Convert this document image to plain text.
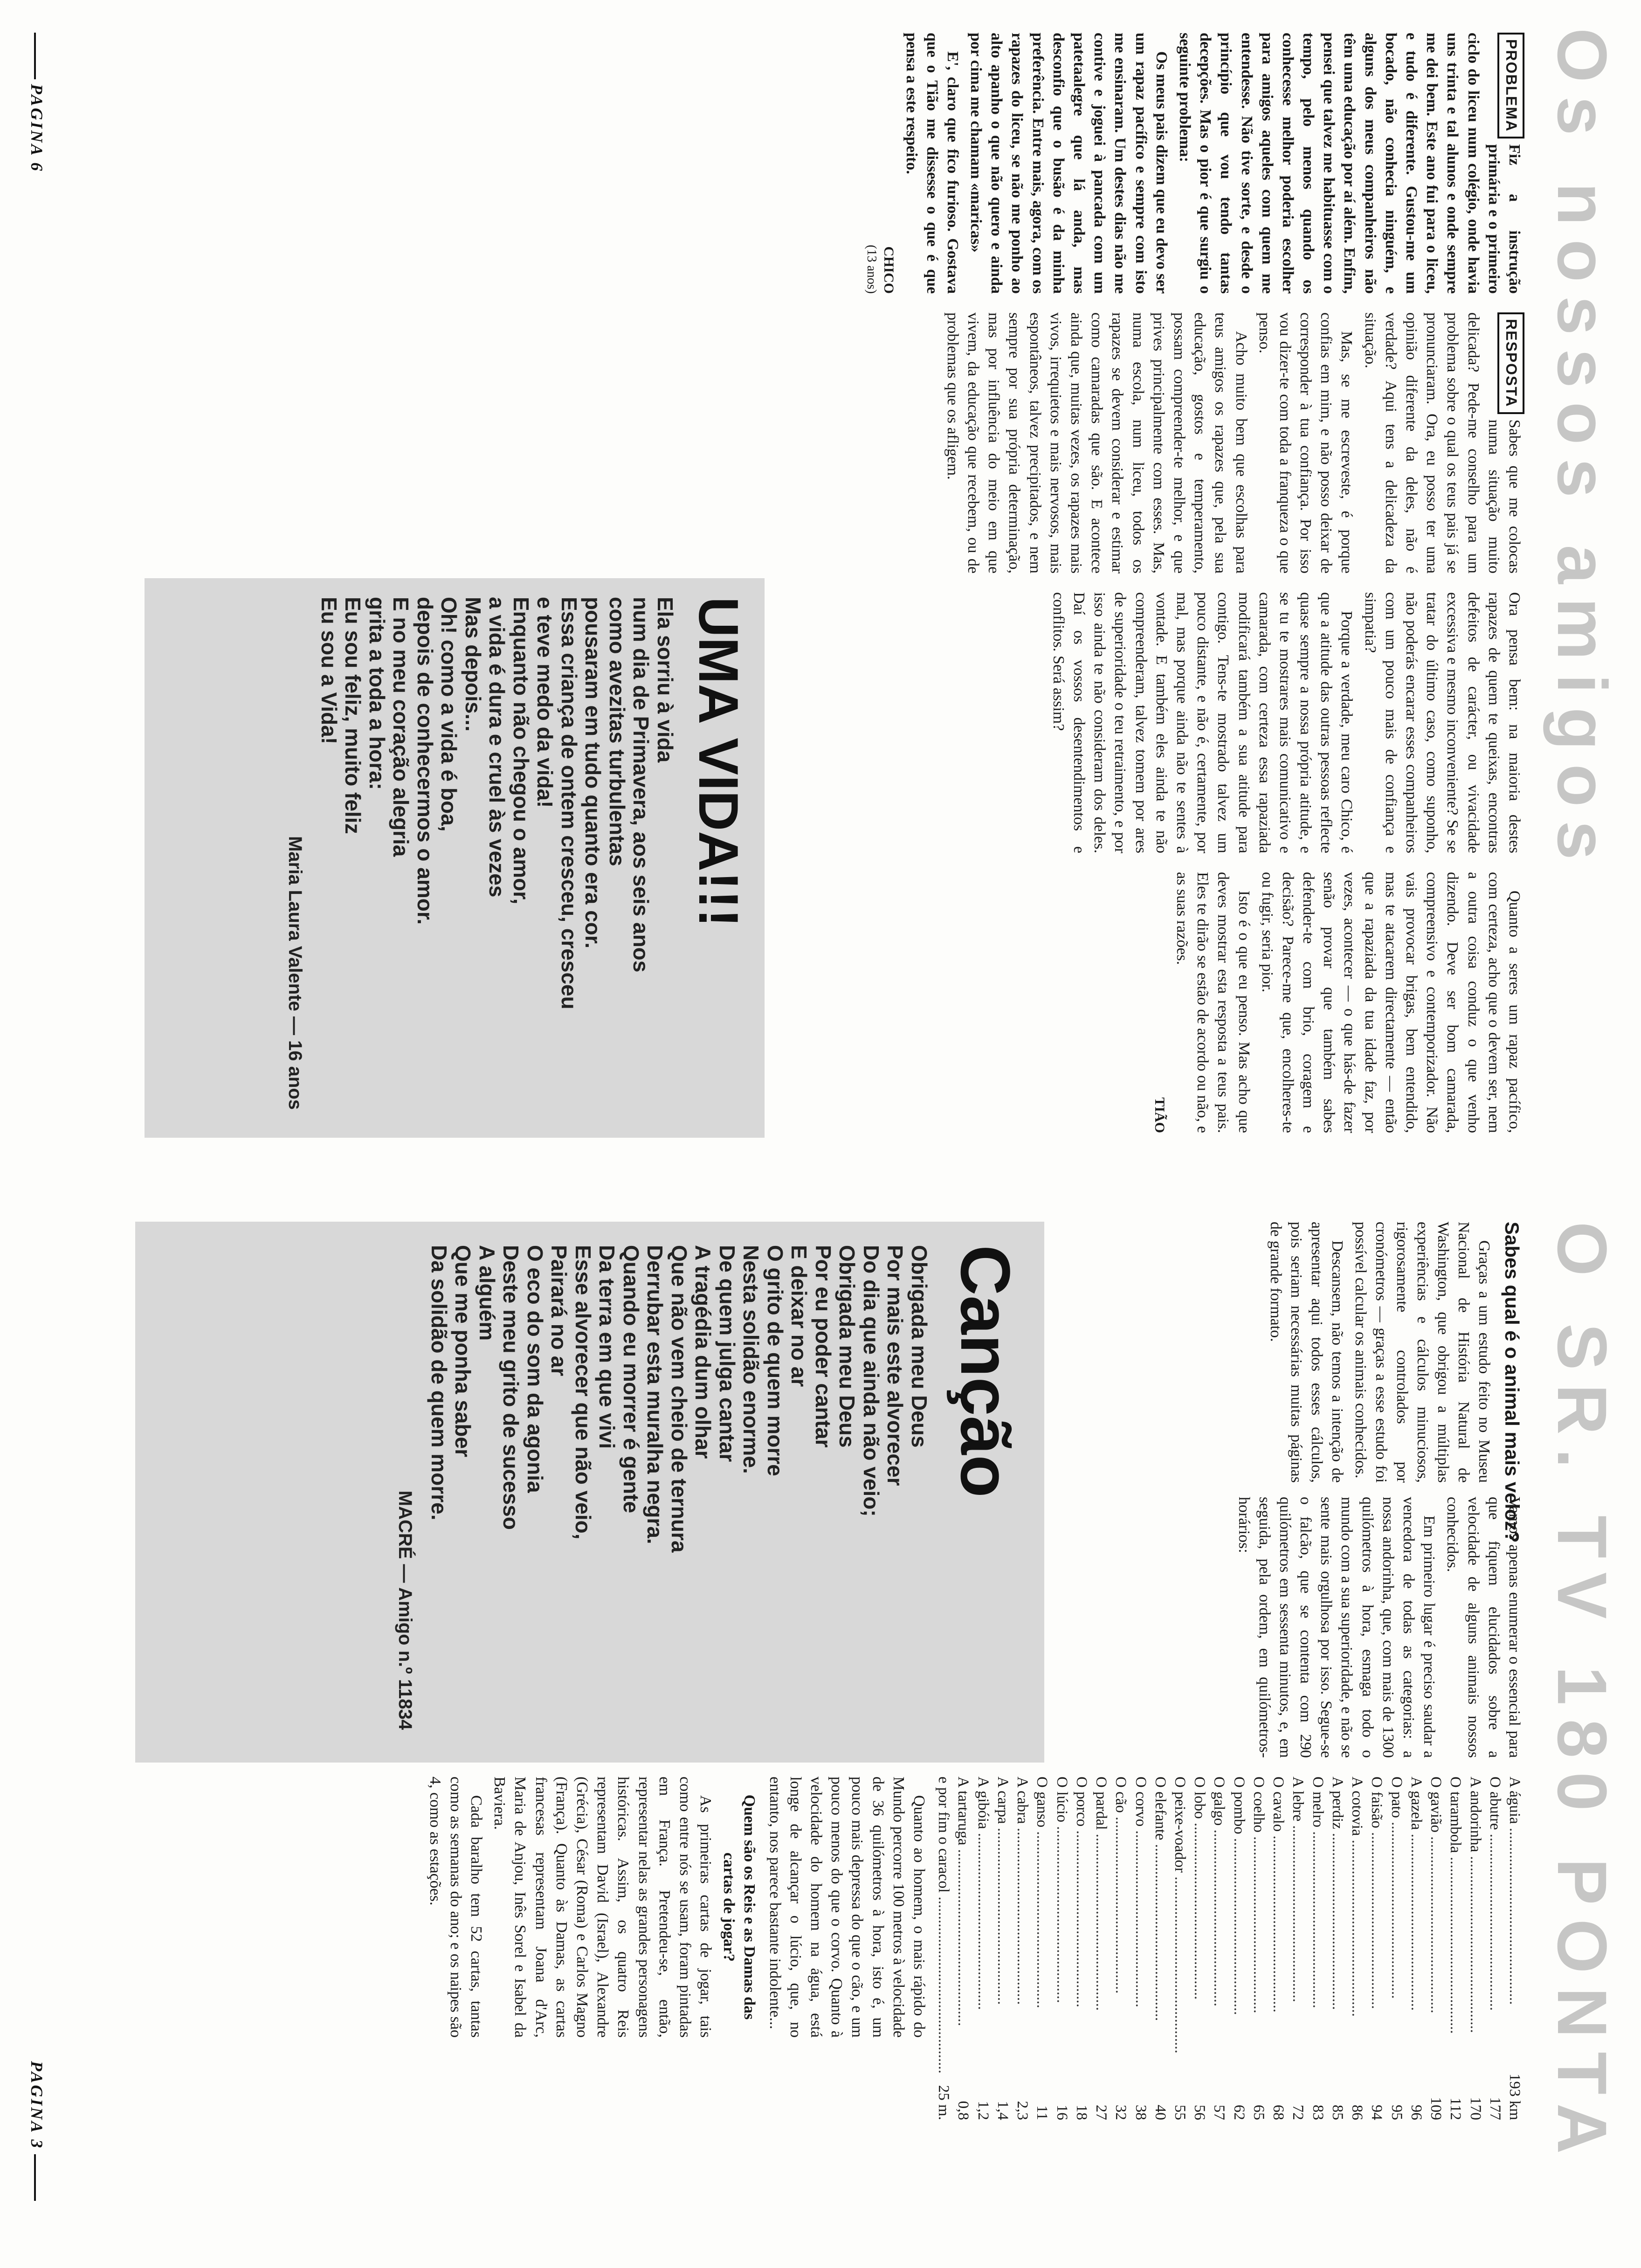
Os nossos amigos

PROBLEMA
Fiz a instrução primária e o primeiro ciclo do liceu num colégio, onde havia uns trinta e tal alunos e onde sempre me dei bem. Este ano fui para o liceu, e tudo é diferente. Gustou-me um bocado, não conhecia ninguém, e alguns dos meus companheiros não têm uma educação por aí além. Enfim, pensei que talvez me habituasse com o tempo, pelo menos quando os conhecesse melhor poderia escolher para amigos aqueles com quem me entendesse. Não tive sorte, e desde o princípio que vou tendo tantas decepções. Mas o pior é que surgiu o seguinte problema:

Os meus pais dizem que eu devo ser um rapaz pacífico e sempre com isto me ensinaram. Um destes dias não me contive e joguei à pancada com um patetaalegre que lá anda, mas desconfio que o busão é da minha preferência. Entre mais, agora, com os rapazes do liceu, se não me ponho ao alto apanho o que não quero e ainda por cima me chamam «maricas»

E', claro que fico furioso. Gostava que o Tião me dissesse o que é que pensa a este respeito.

CHICO
(13 anos)

RESPOSTA
Sabes que me colocas numa situação muito delicada? Pede-me conselho para um problema sobre o qual os teus pais já se pronunciaram. Ora, eu posso ter uma opinião diferente da deles, não é verdade? Aqui tens a delicadeza da situação.

Mas, se me escreveste, é porque confias em mim, e não posso deixar de corresponder à tua confiança. Por isso vou dizer-te com toda a franqueza o que penso.

Acho muito bem que escolhas para teus amigos os rapazes que, pela sua educação, gostos e temperamento, possam compreender-te melhor, e que prives principalmente com esses. Mas, numa escola, num liceu, todos os rapazes se devem considerar e estimar como camaradas que são. E acontece ainda que, muitas vezes, os rapazes mais vivos, irrequietos e mais nervosos, mais espontâneos, talvez precipitados, e nem sempre por sua própria determinação, mas por influência do meio em que vivem, da educação que recebem, ou de problemas que os afligem.

Ora pensa bem: na maioria destes rapazes de quem te queixas, encontras defeitos de carácter, ou vivacidade excessiva e mesmo inconveniente? Se se tratar do último caso, como suponho, não poderás encarar esses companheiros com um pouco mais de confiança e simpatia?

Porque a verdade, meu caro Chico, é que a atitude das outras pessoas reflecte quase sempre a nossa própria atitude, e se tu te mostrares mais comunicativo e camarada, com certeza essa rapaziada modificará também a sua atitude para contigo. Tens-te mostrado talvez um pouco distante, e não é, certamente, por mal, mas porque ainda não te sentes à vontade. E também eles ainda te não compreenderam, talvez tomem por ares de superioridade o teu retraimento, e por isso ainda te não consideram dos deles. Daí os vossos desentendimentos e conflitos. Será assim?

Quanto a seres um rapaz pacífico, com certeza, acho que o devem ser, nem a outra coisa conduz o que venho dizendo. Deve ser bom camarada, compreensivo e contemporizador. Não vais provocar brigas, bem entendido, mas te atacarem directamente — então que a rapaziada da tua idade faz, por vezes, acontecer — o que hás-de fazer senão provar que também sabes defender-te com brio, coragem e decisão? Parece-me que, encolheres-te ou fugir, seria pior.

Isto é o que eu penso. Mas acho que deves mostrar esta resposta a teus pais. Eles te dirão se estão de acordo ou não, e as suas razões.

TIÃO
UMA VIDA!!!
Ela sorriu à vida
num dia de Primavera, aos seis anos
como avezitas turbulentas
pousaram em tudo quanto era cor.
Essa criança de ontem cresceu, cresceu
e teve medo da vida!
Enquanto não chegou o amor,
a vida é dura e cruel às vezes
Mas depois...
Oh! como a vida é boa,
depois de conhecermos o amor.
E no meu coração alegria
grita a toda a hora:
Eu sou feliz, muito feliz
Eu sou a Vida!
Maria Laura Valente — 16 anos
PAGINA 6
O SR. TV 180 PONTA
Sabes qual é o animal mais veloz?

Graças a um estudo feito no Museu Nacional de História Natural de Washington, que obrigou a múltiplas experiências e cálculos minuciosos, rigorosamente controlados por cronómetros — graças a esse estudo foi possível calcular os animais conhecidos.

Descansem, não temos a intenção de apresentar aqui todos esses cálculos, pois seriam necessárias muitas páginas de grande formato.

Vamos apenas enumerar o essencial para que fiquem elucidados sobre a velocidade de alguns animais nossos conhecidos.

Em primeiro lugar é preciso saudar a vencedora de todas as categorias: a nossa andorinha, que, com mais de 1300 quilómetros à hora, esmaga todo o mundo com a sua superioridade, e não se sente mais orgulhosa por isso. Segue-se o falcão, que se contenta com 290 quilómetros em sessenta minutos, e, em seguida, pela ordem, em quilómetros-horários:

A águia .....	193 km
O abutre .....	177
A andorinha .....	170
O tarambola .....	112
O gavião .....	109
A gazela .....	96
O pato .....	95
O faisão .....	94
A cotovia .....	86
A perdiz .....	85
O melro .....	83
A lebre .....	72
O cavalo .....	68
O coelho .....	65
O pombo .....	62
O galgo .....	57
O lobo .....	56
O peixe-voador .....	55
O elefante .....	40
O corvo .....	38
O cão .....	32
O pardal .....	27
O porco .....	18
O lúcio .....	16
O ganso .....	11
A cabra .....	2,3
A carpa .....	1,4
A gibóia .....	1,2
A tartaruga .....	0,8
e por fim o caracol .....	25 m.

Quanto ao homem, o mais rápido do Mundo percorre 100 metros à velocidade de 36 quilómetros à hora, isto é, um pouco mais depressa do que o cão, e um pouco menos do que o corvo. Quanto à velocidade do homem na água, está longe de alcançar o lúcio, que, no entanto, nos parece bastante indolente...

Quem são os Reis e as Damas das cartas de jogar?

As primeiras cartas de jogar, tais como entre nós se usam, foram pintadas em França. Pretendeu-se, então, representar nelas as grandes personagens históricas. Assim, os quatro Reis representam David (Israel), Alexandre (Grécia), César (Roma) e Carlos Magno (França). Quanto às Damas, as cartas francesas representam Joana d'Arc, Maria de Anjou, Inês Sorel e Isabel da Baviera.

Cada baralho tem 52 cartas, tantas como as semanas do ano; e os naipes são 4, como as estações.

Canção
Obrigada meu Deus
Por mais este alvorecer
Do dia que ainda não veio;
Obrigada meu Deus
Por eu poder cantar
E deixar no ar
O grito de quem morre
Nesta solidão enorme.
De quem julga cantar
A tragédia dum olhar
Que não vem cheio de ternura
Derrubar esta muralha negra.
Quando eu morrer é gente
Da terra em que vivi
Esse alvorecer que não veio,
Pairará no ar
O eco do som da agonia
Deste meu grito de sucesso
A alguém
Que me ponha saber
Da solidão de quem morre.
MACRÉ — Amigo n.º 11834
PAGINA 3
